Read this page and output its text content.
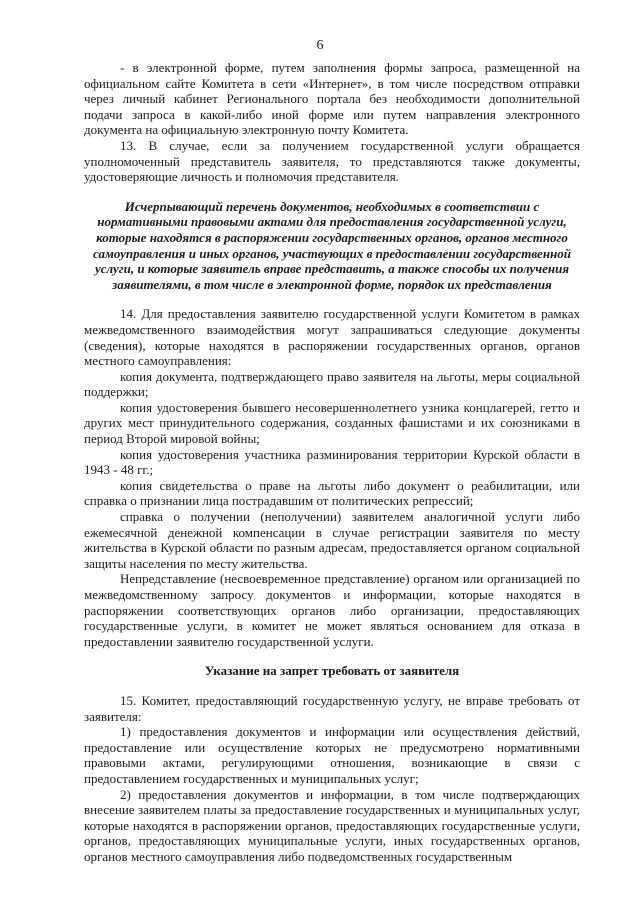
6

- в электронной форме, путем заполнения формы запроса, размещенной на официальном сайте Комитета в сети «Интернет», в том числе посредством отправки через личный кабинет Регионального портала без необходимости дополнительной подачи запроса в какой-либо иной форме или путем направления электронного документа на официальную электронную почту Комитета.

13. В случае, если за получением государственной услуги обращается уполномоченный представитель заявителя, то представляются также документы, удостоверяющие личность и полномочия представителя.

Исчерпывающий перечень документов, необходимых в соответствии с нормативными правовыми актами для предоставления государственной услуги, которые находятся в распоряжении государственных органов, органов местного самоуправления и иных органов, участвующих в предоставлении государственной услуги, и которые заявитель вправе представить, а также способы их получения заявителями, в том числе в электронной форме, порядок их представления

14. Для предоставления заявителю государственной услуги Комитетом в рамках межведомственного взаимодействия могут запрашиваться следующие документы (сведения), которые находятся в распоряжении государственных органов, органов местного самоуправления:

копия документа, подтверждающего право заявителя на льготы, меры социальной поддержки;

копия удостоверения бывшего несовершеннолетнего узника концлагерей, гетто и других мест принудительного содержания, созданных фашистами и их союзниками в период Второй мировой войны;

копия удостоверения участника разминирования территории Курской области в 1943 - 48 гг.;

копия свидетельства о праве на льготы либо документ о реабилитации, или справка о признании лица пострадавшим от политических репрессий;

справка о получении (неполучении) заявителем аналогичной услуги либо ежемесячной денежной компенсации в случае регистрации заявителя по месту жительства в Курской области по разным адресам, предоставляется органом социальной защиты населения по месту жительства.

Непредставление (несвоевременное представление) органом или организацией по межведомственному запросу документов и информации, которые находятся в распоряжении соответствующих органов либо организации, предоставляющих государственные услуги, в комитет не может являться основанием для отказа в предоставлении заявителю государственной услуги.

Указание на запрет требовать от заявителя

15. Комитет, предоставляющий государственную услугу, не вправе требовать от заявителя:

1) предоставления документов и информации или осуществления действий, предоставление или осуществление которых не предусмотрено нормативными правовыми актами, регулирующими отношения, возникающие в связи с предоставлением государственных и муниципальных услуг;

2) предоставления документов и информации, в том числе подтверждающих внесение заявителем платы за предоставление государственных и муниципальных услуг, которые находятся в распоряжении органов, предоставляющих государственные услуги, органов, предоставляющих муниципальные услуги, иных государственных органов, органов местного самоуправления либо подведомственных государственным
